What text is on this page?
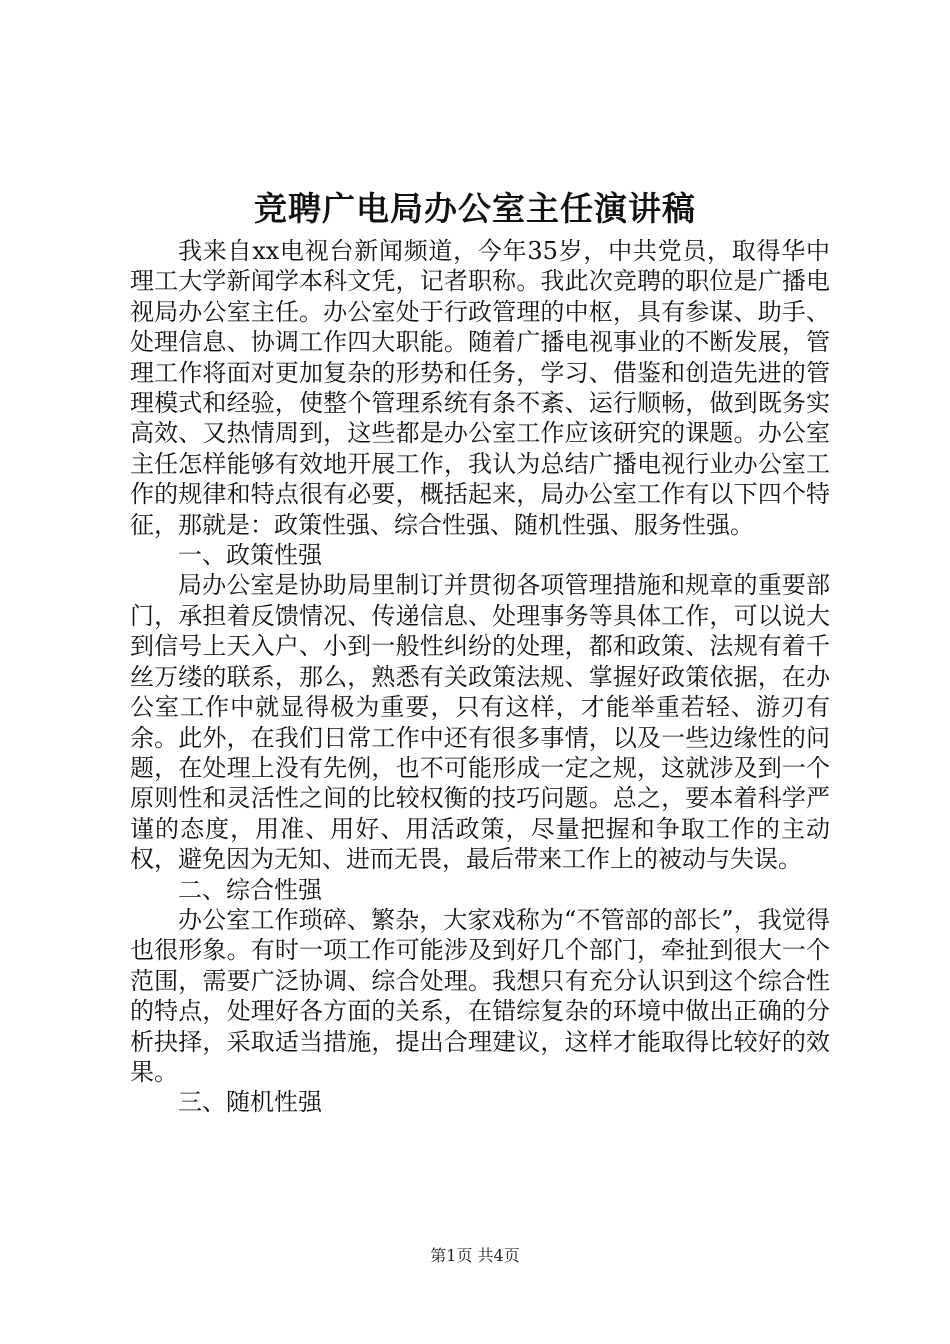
竞聘广电局办公室主任演讲稿

我来自xx电视台新闻频道，今年35岁，中共党员，取得华中理工大学新闻学本科文凭，记者职称。我此次竞聘的职位是广播电视局办公室主任。办公室处于行政管理的中枢，具有参谋、助手、处理信息、协调工作四大职能。随着广播电视事业的不断发展，管理工作将面对更加复杂的形势和任务，学习、借鉴和创造先进的管理模式和经验，使整个管理系统有条不紊、运行顺畅，做到既务实高效、又热情周到，这些都是办公室工作应该研究的课题。办公室主任怎样能够有效地开展工作，我认为总结广播电视行业办公室工作的规律和特点很有必要，概括起来，局办公室工作有以下四个特征，那就是：政策性强、综合性强、随机性强、服务性强。

一、政策性强

局办公室是协助局里制订并贯彻各项管理措施和规章的重要部门，承担着反馈情况、传递信息、处理事务等具体工作，可以说大到信号上天入户、小到一般性纠纷的处理，都和政策、法规有着千丝万缕的联系，那么，熟悉有关政策法规、掌握好政策依据，在办公室工作中就显得极为重要，只有这样，才能举重若轻、游刃有余。此外，在我们日常工作中还有很多事情，以及一些边缘性的问题，在处理上没有先例，也不可能形成一定之规，这就涉及到一个原则性和灵活性之间的比较权衡的技巧问题。总之，要本着科学严谨的态度，用准、用好、用活政策，尽量把握和争取工作的主动权，避免因为无知、进而无畏，最后带来工作上的被动与失误。

二、综合性强

办公室工作琐碎、繁杂，大家戏称为“不管部的部长”，我觉得也很形象。有时一项工作可能涉及到好几个部门，牵扯到很大一个范围，需要广泛协调、综合处理。我想只有充分认识到这个综合性的特点，处理好各方面的关系，在错综复杂的环境中做出正确的分析抉择，采取适当措施，提出合理建议，这样才能取得比较好的效果。

三、随机性强

第1页 共4页
